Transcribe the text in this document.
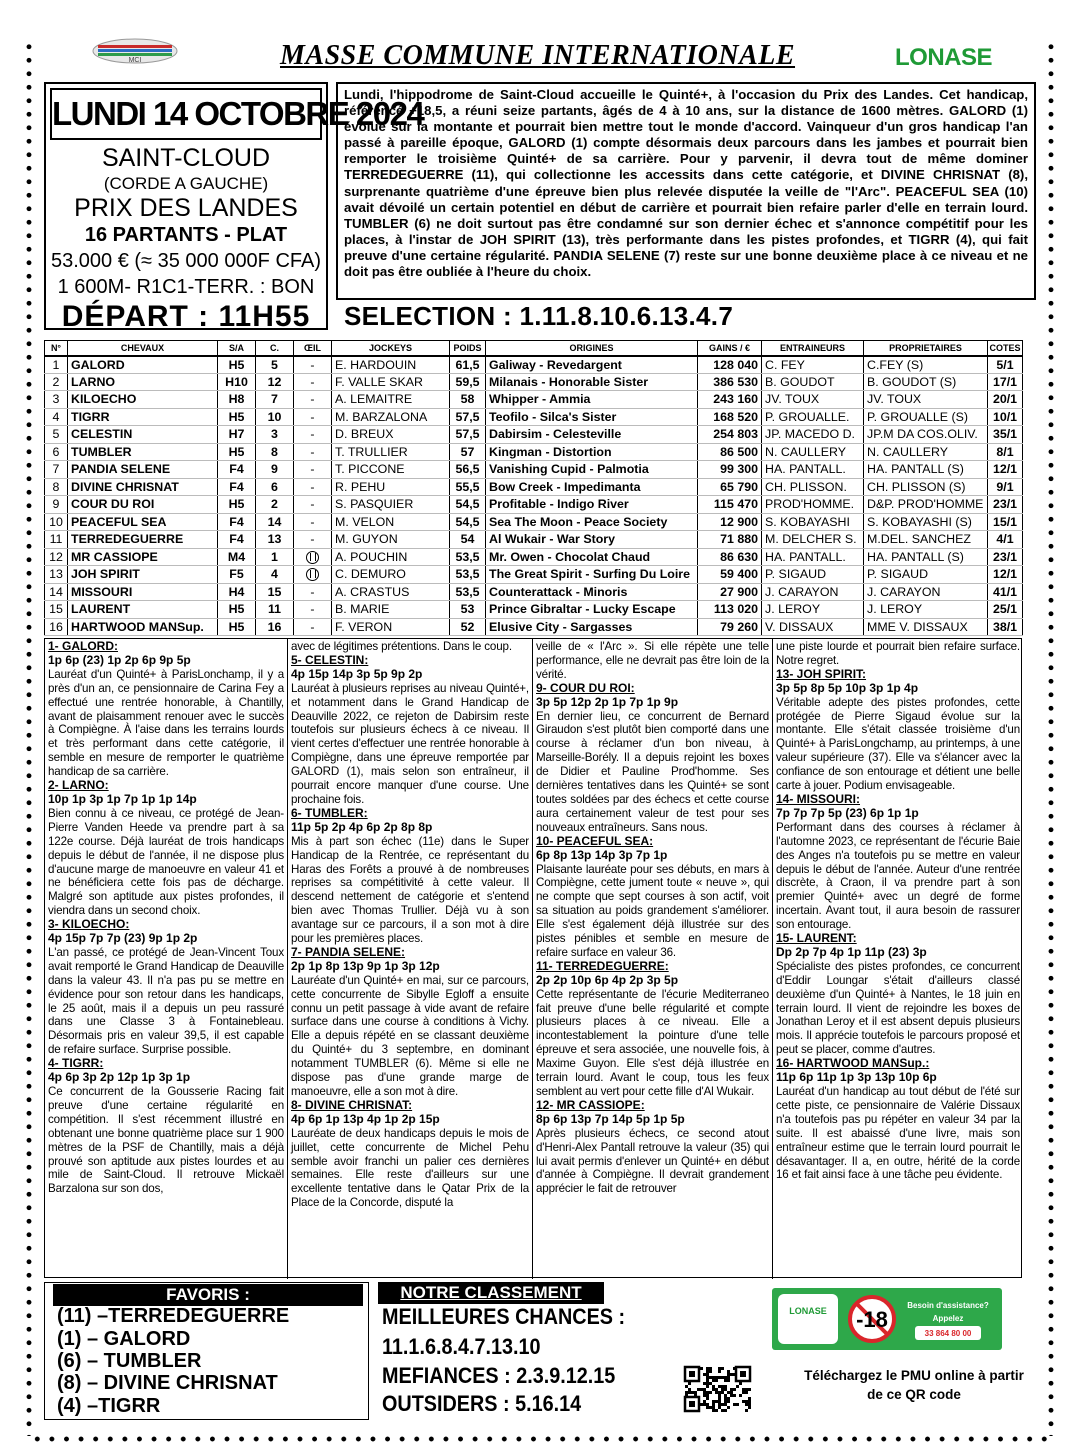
MCI	MASSE COMMUNE INTERNATIONALE	LONASE
LUNDI 14 OCTOBRE 2024
SAINT-CLOUD
(CORDE A GAUCHE)
PRIX DES LANDES
16 PARTANTS - PLAT
53.000 € (≈ 35 000 000F CFA)
1 600M- R1C1-TERR. : BON
DÉPART : 11H55
Lundi, l'hippodrome de Saint-Cloud accueille le Quinté+, à l'occasion du Prix des Landes. Cet handicap, référencé +18,5, a réuni seize partants, âgés de 4 à 10 ans, sur la distance de 1600 mètres. GALORD (1) évolue sur la montante et pourrait bien mettre tout le monde d'accord. Vainqueur d'un gros handicap l'an passé à pareille époque, GALORD (1) compte désormais deux parcours dans les jambes et pourrait bien remporter le troisième Quinté+ de sa carrière. Pour y parvenir, il devra tout de même dominer TERREDEGUERRE (11), qui collectionne les accessits dans cette catégorie, et DIVINE CHRISNAT (8), surprenante quatrième d'une épreuve bien plus relevée disputée la veille de "l'Arc". PEACEFUL SEA (10) avait dévoilé un certain potentiel en début de carrière et pourrait bien refaire parler d'elle en terrain lourd. TUMBLER (6) ne doit surtout pas être condamné sur son dernier échec et s'annonce compétitif pour les places, à l'instar de JOH SPIRIT (13), très performante dans les pistes profondes, et TIGRR (4), qui fait preuve d'une certaine régularité. PANDIA SELENE (7) reste sur une bonne deuxième place à ce niveau et ne doit pas être oubliée à l'heure du choix.
SELECTION : 1.11.8.10.6.13.4.7
N°	CHEVAUX	S/A	C.	ŒIL	JOCKEYS	POIDS	ORIGINES	GAINS / €	ENTRAINEURS	PROPRIETAIRES	COTES
1	GALORD	H5	5	-	E. HARDOUIN	61,5	Galiway - Revedargent	128 040	C. FEY	C.FEY (S)	5/1
2	LARNO	H10	12	-	F. VALLE SKAR	59,5	Milanais - Honorable Sister	386 530	B. GOUDOT	B. GOUDOT (S)	17/1
3	KILOECHO	H8	7	-	A. LEMAITRE	58	Whipper - Ammia	243 160	JV. TOUX	JV. TOUX	20/1
4	TIGRR	H5	10	-	M. BARZALONA	57,5	Teofilo - Silca's Sister	168 520	P. GROUALLE.	P. GROUALLE (S)	10/1
5	CELESTIN	H7	3	-	D. BREUX	57,5	Dabirsim - Celesteville	254 803	JP. MACEDO D.	JP.M DA COS.OLIV.	35/1
6	TUMBLER	H5	8	-	T. TRULLIER	57	Kingman - Distortion	86 500	N. CAULLERY	N. CAULLERY	8/1
7	PANDIA SELENE	F4	9	-	T. PICCONE	56,5	Vanishing Cupid - Palmotia	99 300	HA. PANTALL.	HA. PANTALL (S)	12/1
8	DIVINE CHRISNAT	F4	6	-	R. PEHU	55,5	Bow Creek - Impedimanta	65 790	CH. PLISSON.	CH. PLISSON (S)	9/1
9	COUR DU ROI	H5	2	-	S. PASQUIER	54,5	Profitable - Indigo River	115 470	PROD'HOMME.	D&P. PROD'HOMME	23/1
10	PEACEFUL SEA	F4	14	-	M. VELON	54,5	Sea The Moon - Peace Society	12 900	S. KOBAYASHI	S. KOBAYASHI (S)	15/1
11	TERREDEGUERRE	F4	13	-	M. GUYON	54	Al Wukair - War Story	71 880	M. DELCHER S.	M.DEL. SANCHEZ	4/1
12	MR CASSIOPE	M4	1		A. POUCHIN	53,5	Mr. Owen - Chocolat Chaud	86 630	HA. PANTALL.	HA. PANTALL (S)	23/1
13	JOH SPIRIT	F5	4		C. DEMURO	53,5	The Great Spirit - Surfing Du Loire	59 400	P. SIGAUD	P. SIGAUD	12/1
14	MISSOURI	H4	15	-	A. CRASTUS	53,5	Counterattack - Minoris	27 900	J. CARAYON	J. CARAYON	41/1
15	LAURENT	H5	11	-	B. MARIE	53	Prince Gibraltar - Lucky Escape	113 020	J. LEROY	J. LEROY	25/1
16	HARTWOOD MANSup.	H5	16	-	F. VERON	52	Elusive City - Sargasses	79 260	V. DISSAUX	MME V. DISSAUX	38/1
1- GALORD:
1p 6p (23) 1p 2p 6p 9p 5p
Lauréat d'un Quinté+ à ParisLonchamp, il y a près d'un an, ce pensionnaire de Carina Fey a effectué une rentrée honorable, à Chantilly, avant de plaisamment renouer avec le succès à Compiègne. À l'aise dans les terrains lourds et très performant dans cette catégorie, il semble en mesure de remporter le quatrième handicap de sa carrière.
2- LARNO:
10p 1p 3p 1p 7p 1p 1p 14p
Bien connu à ce niveau, ce protégé de Jean-Pierre Vanden Heede va prendre part à sa 122e course. Déjà lauréat de trois handicaps depuis le début de l'année, il ne dispose plus d'aucune marge de manoeuvre en valeur 41 et ne bénéficiera cette fois pas de décharge. Malgré son aptitude aux pistes profondes, il viendra dans un second choix.
3- KILOECHO:
4p 15p 7p 7p (23) 9p 1p 2p
L'an passé, ce protégé de Jean-Vincent Toux avait remporté le Grand Handicap de Deauville dans la valeur 43. Il n'a pas pu se mettre en évidence pour son retour dans les handicaps, le 25 août, mais il a depuis un peu rassuré dans une Classe 3 à Fontainebleau. Désormais pris en valeur 39,5, il est capable de refaire surface. Surprise possible.
4- TIGRR:
4p 6p 3p 2p 12p 1p 3p 1p
Ce concurrent de la Gousserie Racing fait preuve d'une certaine régularité en compétition. Il s'est récemment illustré en obtenant une bonne quatrième place sur 1 900 mètres de la PSF de Chantilly, mais a déjà prouvé son aptitude aux pistes lourdes et au mile de Saint-Cloud. Il retrouve Mickaël Barzalona sur son dos,
avec de légitimes prétentions. Dans le coup.
5- CELESTIN:
4p 15p 14p 3p 5p 9p 2p
Lauréat à plusieurs reprises au niveau Quinté+, et notamment dans le Grand Handicap de Deauville 2022, ce rejeton de Dabirsim reste toutefois sur plusieurs échecs à ce niveau. Il vient certes d'effectuer une rentrée honorable à Compiègne, dans une épreuve remportée par GALORD (1), mais selon son entraîneur, il pourrait encore manquer d'une course. Une prochaine fois.
6- TUMBLER:
11p 5p 2p 4p 6p 2p 8p 8p
Mis à part son échec (11e) dans le Super Handicap de la Rentrée, ce représentant du Haras des Forêts a prouvé à de nombreuses reprises sa compétitivité à cette valeur. Il descend nettement de catégorie et s'entend bien avec Thomas Trullier. Déjà vu à son avantage sur ce parcours, il a son mot à dire pour les premières places.
7- PANDIA SELENE:
2p 1p 8p 13p 9p 1p 3p 12p
Lauréate d'un Quinté+ en mai, sur ce parcours, cette concurrente de Sibylle Egloff a ensuite connu un petit passage à vide avant de refaire surface dans une course à conditions à Vichy. Elle a depuis répété en se classant deuxième du Quinté+ du 3 septembre, en dominant notamment TUMBLER (6). Même si elle ne dispose pas d'une grande marge de manoeuvre, elle a son mot à dire.
8- DIVINE CHRISNAT:
4p 6p 1p 13p 4p 1p 2p 15p
Lauréate de deux handicaps depuis le mois de juillet, cette concurrente de Michel Pehu semble avoir franchi un palier ces dernières semaines. Elle reste d'ailleurs sur une excellente tentative dans le Qatar Prix de la Place de la Concorde, disputé la
veille de « l'Arc ». Si elle répète une telle performance, elle ne devrait pas être loin de la vérité.
9- COUR DU ROI:
3p 5p 12p 2p 1p 7p 1p 9p
En dernier lieu, ce concurrent de Bernard Giraudon s'est plutôt bien comporté dans une course à réclamer d'un bon niveau, à Marseille-Borély. Il a depuis rejoint les boxes de Didier et Pauline Prod'homme. Ses dernières tentatives dans les Quinté+ se sont toutes soldées par des échecs et cette course aura certainement valeur de test pour ses nouveaux entraîneurs. Sans nous.
10- PEACEFUL SEA:
6p 8p 13p 14p 3p 7p 1p
Plaisante lauréate pour ses débuts, en mars à Compiègne, cette jument toute « neuve », qui ne compte que sept courses à son actif, voit sa situation au poids grandement s'améliorer. Elle s'est également déjà illustrée sur des pistes pénibles et semble en mesure de refaire surface en valeur 36.
11- TERREDEGUERRE:
2p 2p 10p 6p 4p 2p 3p 5p
Cette représentante de l'écurie Mediterraneo fait preuve d'une belle régularité et compte plusieurs places à ce niveau. Elle a incontestablement la pointure d'une telle épreuve et sera associée, une nouvelle fois, à Maxime Guyon. Elle s'est déjà illustrée en terrain lourd. Avant le coup, tous les feux semblent au vert pour cette fille d'Al Wukair.
12- MR CASSIOPE:
8p 6p 13p 7p 14p 5p 1p 5p
Après plusieurs échecs, ce second atout d'Henri-Alex Pantall retrouve la valeur (35) qui lui avait permis d'enlever un Quinté+ en début d'année à Compiègne. Il devrait grandement apprécier le fait de retrouver
une piste lourde et pourrait bien refaire surface. Notre regret.
13- JOH SPIRIT:
3p 5p 8p 5p 10p 3p 1p 4p
Véritable adepte des pistes profondes, cette protégée de Pierre Sigaud évolue sur la montante. Elle s'était classée troisième d'un Quinté+ à ParisLongchamp, au printemps, à une valeur supérieure (37). Elle va s'élancer avec la confiance de son entourage et détient une belle carte à jouer. Podium envisageable.
14- MISSOURI:
7p 7p 7p 5p (23) 6p 1p 1p
Performant dans des courses à réclamer à l'automne 2023, ce représentant de l'écurie Baie des Anges n'a toutefois pu se mettre en valeur depuis le début de l'année. Auteur d'une rentrée discrète, à Craon, il va prendre part à son premier Quinté+ avec un degré de forme incertain. Avant tout, il aura besoin de rassurer son entourage.
15- LAURENT:
Dp 2p 7p 4p 1p 11p (23) 3p
Spécialiste des pistes profondes, ce concurrent d'Eddir Loungar s'était d'ailleurs classé deuxième d'un Quinté+ à Nantes, le 18 juin en terrain lourd. Il vient de rejoindre les boxes de Jonathan Leroy et il est absent depuis plusieurs mois. Il apprécie toutefois le parcours proposé et peut se placer, comme d'autres.
16- HARTWOOD MANSup.:
11p 6p 11p 1p 3p 13p 10p 6p
Lauréat d'un handicap au tout début de l'été sur cette piste, ce pensionnaire de Valérie Dissaux n'a toutefois pas pu répéter en valeur 34 par la suite. Il est abaissé d'une livre, mais son entraîneur estime que le terrain lourd pourrait le désavantager. Il a, en outre, hérité de la corde 16 et fait ainsi face à une tâche peu évidente.
FAVORIS :
(11) –TERREDEGUERRE
(1) – GALORD
(6) – TUMBLER
(8) – DIVINE CHRISNAT
(4) –TIGRR
NOTRE CLASSEMENT
MEILLEURES CHANCES :
11.1.6.8.4.7.13.10
MEFIANCES : 2.3.9.12.15
OUTSIDERS : 5.16.14
LONASE -18
Besoin d'assistance?
Appelez
33 864 80 00
Téléchargez le PMU online à partir de ce QR code
